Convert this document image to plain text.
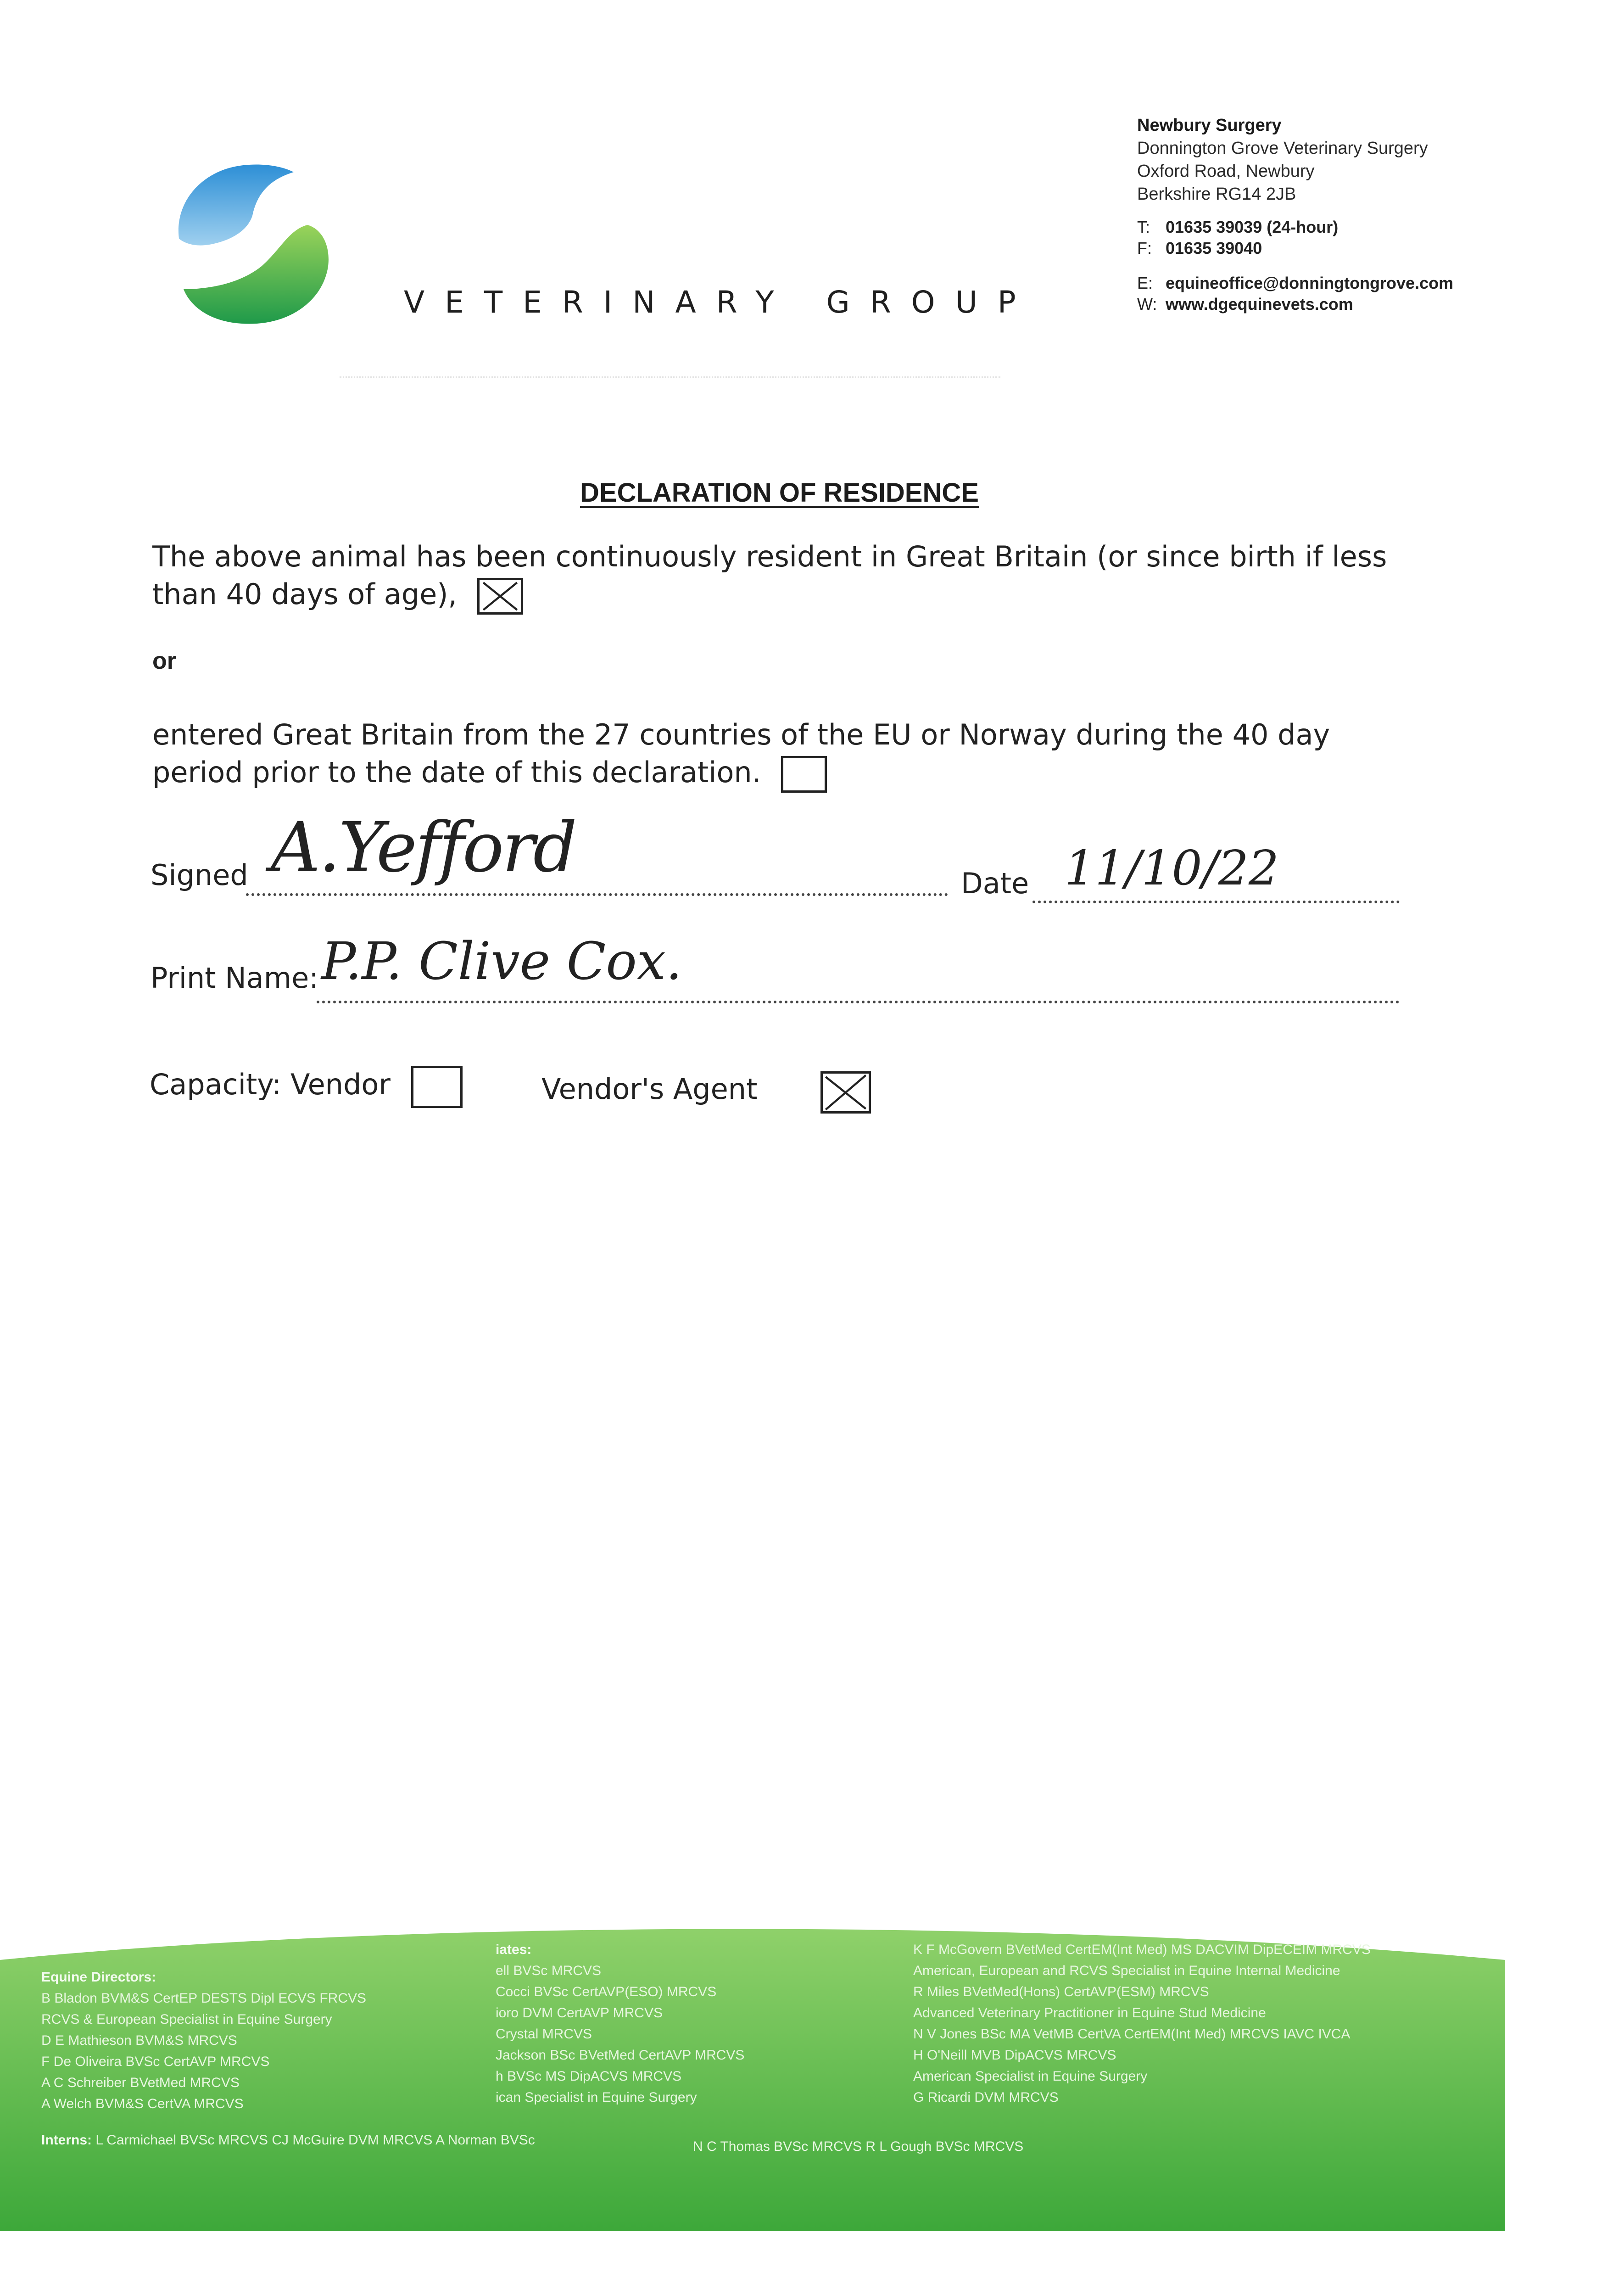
VETERINARY GROUP
Newbury Surgery
Donnington Grove Veterinary Surgery
Oxford Road, Newbury
Berkshire RG14 2JB
T: 01635 39039 (24-hour)
F: 01635 39040
E: equineoffice@donningtongrove.com
W: www.dgequinevets.com
DECLARATION OF RESIDENCE
The above animal has been continuously resident in Great Britain (or since birth if less than 40 days of age),
or
entered Great Britain from the 27 countries of the EU or Norway during the 40 day period prior to the date of this declaration.
Signed A.Yefford	Date 11/10/22
Print Name: P.P. Clive Cox.
Capacity: Vendor
	Vendor's Agent
Equine Directors:
B Bladon BVM&S CertEP DESTS Dipl ECVS FRCVS
RCVS & European Specialist in Equine Surgery
D E Mathieson BVM&S MRCVS
F De Oliveira BVSc CertAVP MRCVS
A C Schreiber BVetMed MRCVS
A Welch BVM&S CertVA MRCVS
iates:
ell BVSc MRCVS
Cocci BVSc CertAVP(ESO) MRCVS
ioro DVM CertAVP MRCVS
Crystal MRCVS
Jackson BSc BVetMed CertAVP MRCVS
h BVSc MS DipACVS MRCVS
ican Specialist in Equine Surgery
K F McGovern BVetMed CertEM(Int Med) MS DACVIM DipECEIM MRCVS
American, European and RCVS Specialist in Equine Internal Medicine
R Miles BVetMed(Hons) CertAVP(ESM) MRCVS
Advanced Veterinary Practitioner in Equine Stud Medicine
N V Jones BSc MA VetMB CertVA CertEM(Int Med) MRCVS IAVC IVCA
H O'Neill MVB DipACVS MRCVS
American Specialist in Equine Surgery
G Ricardi DVM MRCVS
Interns: L Carmichael BVSc MRCVS CJ McGuire DVM MRCVS A Norman BVSc	N C Thomas BVSc MRCVS R L Gough BVSc MRCVS
